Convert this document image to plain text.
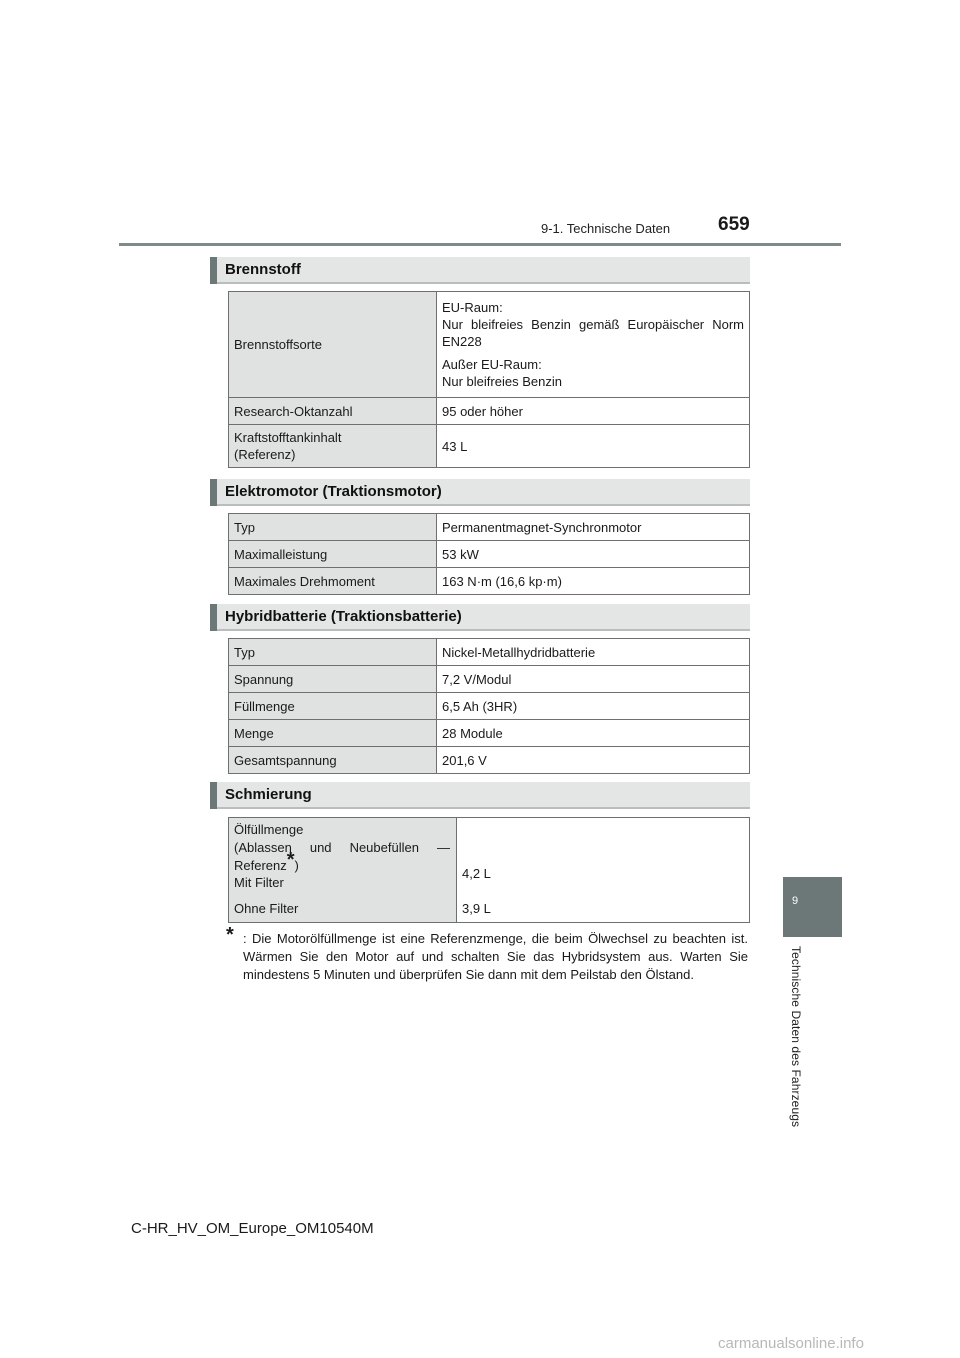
9-1. Technische Daten	659
9
Technische Daten des Fahrzeugs
Brennstoff
Brennstoffsorte	EU-Raum:
Nur bleifreies Benzin gemäß Europäischer Norm EN228
Außer EU-Raum:
Nur bleifreies Benzin

Research-Oktanzahl	95 oder höher

Kraftstofftankinhalt
(Referenz)	43 L
Elektromotor (Traktionsmotor)
Typ	Permanentmagnet-Synchronmotor
Maximalleistung	53 kW
Maximales Drehmoment	163 N·m (16,6 kp·m)
Hybridbatterie (Traktionsbatterie)
Typ	Nickel-Metallhydridbatterie
Spannung	7,2 V/Modul
Füllmenge	6,5 Ah (3HR)
Menge	28 Module
Gesamtspannung	201,6 V
Schmierung
Ölfüllmenge
(Ablassen und Neubefüllen —
Referenz*)
Mit Filter
4,2 L
Ohne Filter	3,9 L
* : Die Motorölfüllmenge ist eine Referenzmenge, die beim Ölwechsel zu beachten ist. Wärmen Sie den Motor auf und schalten Sie das Hybridsystem aus. Warten Sie mindestens 5 Minuten und überprüfen Sie dann mit dem Peilstab den Ölstand.
C-HR_HV_OM_Europe_OM10540M
carmanualsonline.info
